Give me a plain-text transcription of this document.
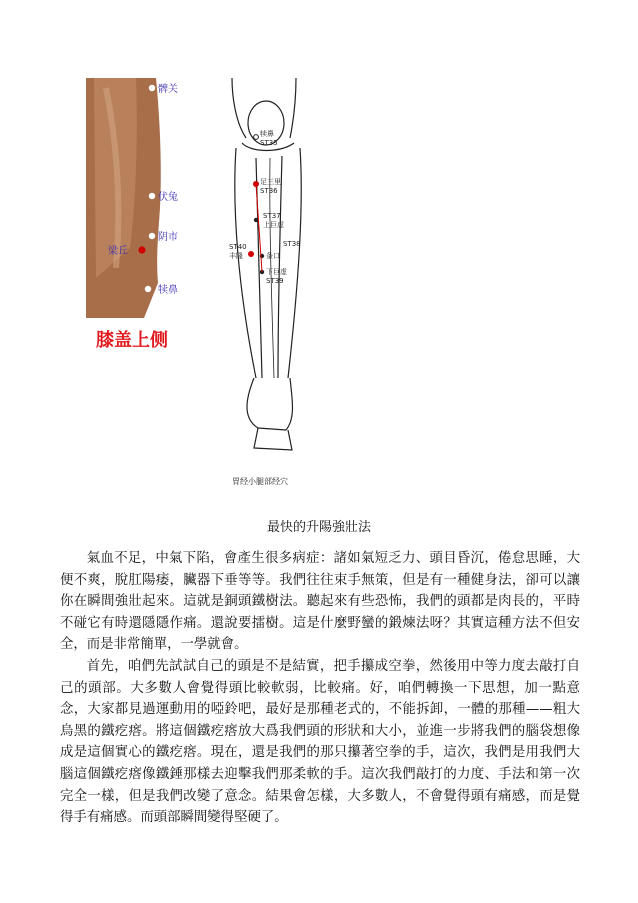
髀关
伏兔
阴市
梁丘
犊鼻
膝盖上侧
犊鼻
ST35
足三里
ST36
ST37
上巨虚
ST40
丰隆
ST38
条口
下巨虚
ST39
胃经小腿部经穴
最快的升陽強壯法

氣血不足，中氣下陷，會產生很多病症：諸如氣短乏力、頭目昏沉，倦怠思睡，大便不爽，脫肛陽痿，臟器下垂等等。我們往往束手無策，但是有一種健身法，卻可以讓你在瞬間強壯起來。這就是銅頭鐵樹法。聽起來有些恐怖，我們的頭都是肉長的，平時不碰它有時還隱隱作痛。還說要擂樹。這是什麼野蠻的鍛煉法呀？其實這種方法不但安全，而是非常簡單，一學就會。

首先，咱們先試試自己的頭是不是結實，把手攥成空拳，然後用中等力度去敲打自己的頭部。大多數人會覺得頭比較軟弱，比較痛。好，咱們轉換一下思想，加一點意念，大家都見過運動用的啞鈴吧，最好是那種老式的，不能拆卸，一體的那種——粗大烏黑的鐵疙瘩。將這個鐵疙瘩放大爲我們頭的形狀和大小，並進一步將我們的腦袋想像成是這個實心的鐵疙瘩。現在，還是我們的那只攥著空拳的手，這次，我們是用我們大腦這個鐵疙瘩像鐵錘那樣去迎擊我們那柔軟的手。這次我們敲打的力度、手法和第一次完全一樣，但是我們改變了意念。結果會怎樣，大多數人，不會覺得頭有痛感，而是覺得手有痛感。而頭部瞬間變得堅硬了。
